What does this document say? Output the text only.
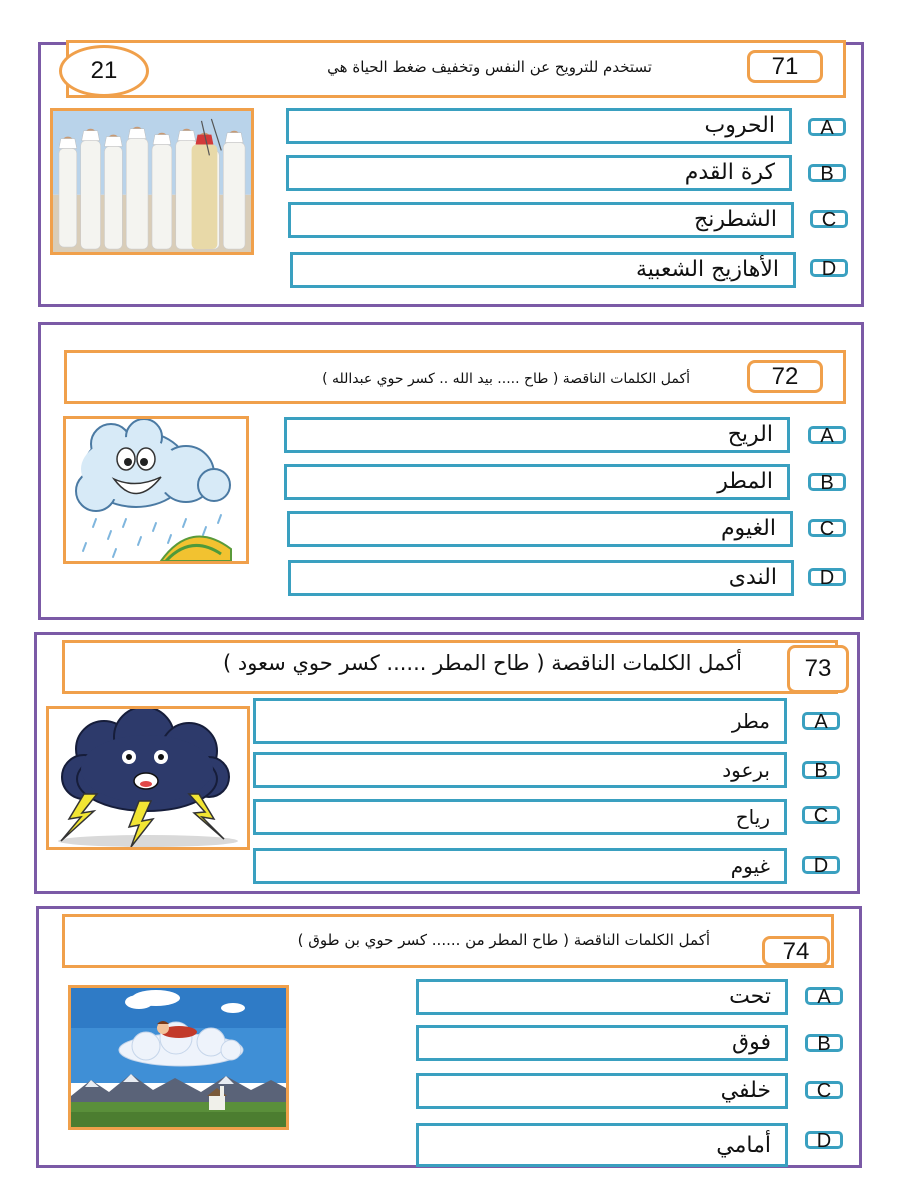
21	تستخدم للترويح عن النفس وتخفيف ضغط الحياة هي	71
الحروب	A
كرة القدم	B
الشطرنج	C
الأهازيج الشعبية	D
أكمل الكلمات الناقصة ( طاح ..... بيد الله .. كسر حوي عبدالله )	72
الريح	A
المطر	B
الغيوم	C
الندى	D
أكمل الكلمات الناقصة ( طاح المطر ...... كسر حوي سعود )	73
مطر	A
برعود	B
رياح	C
غيوم	D
أكمل الكلمات الناقصة ( طاح المطر من ...... كسر حوي بن طوق )	74
تحت	A
فوق	B
خلفي	C
أمامي	D
